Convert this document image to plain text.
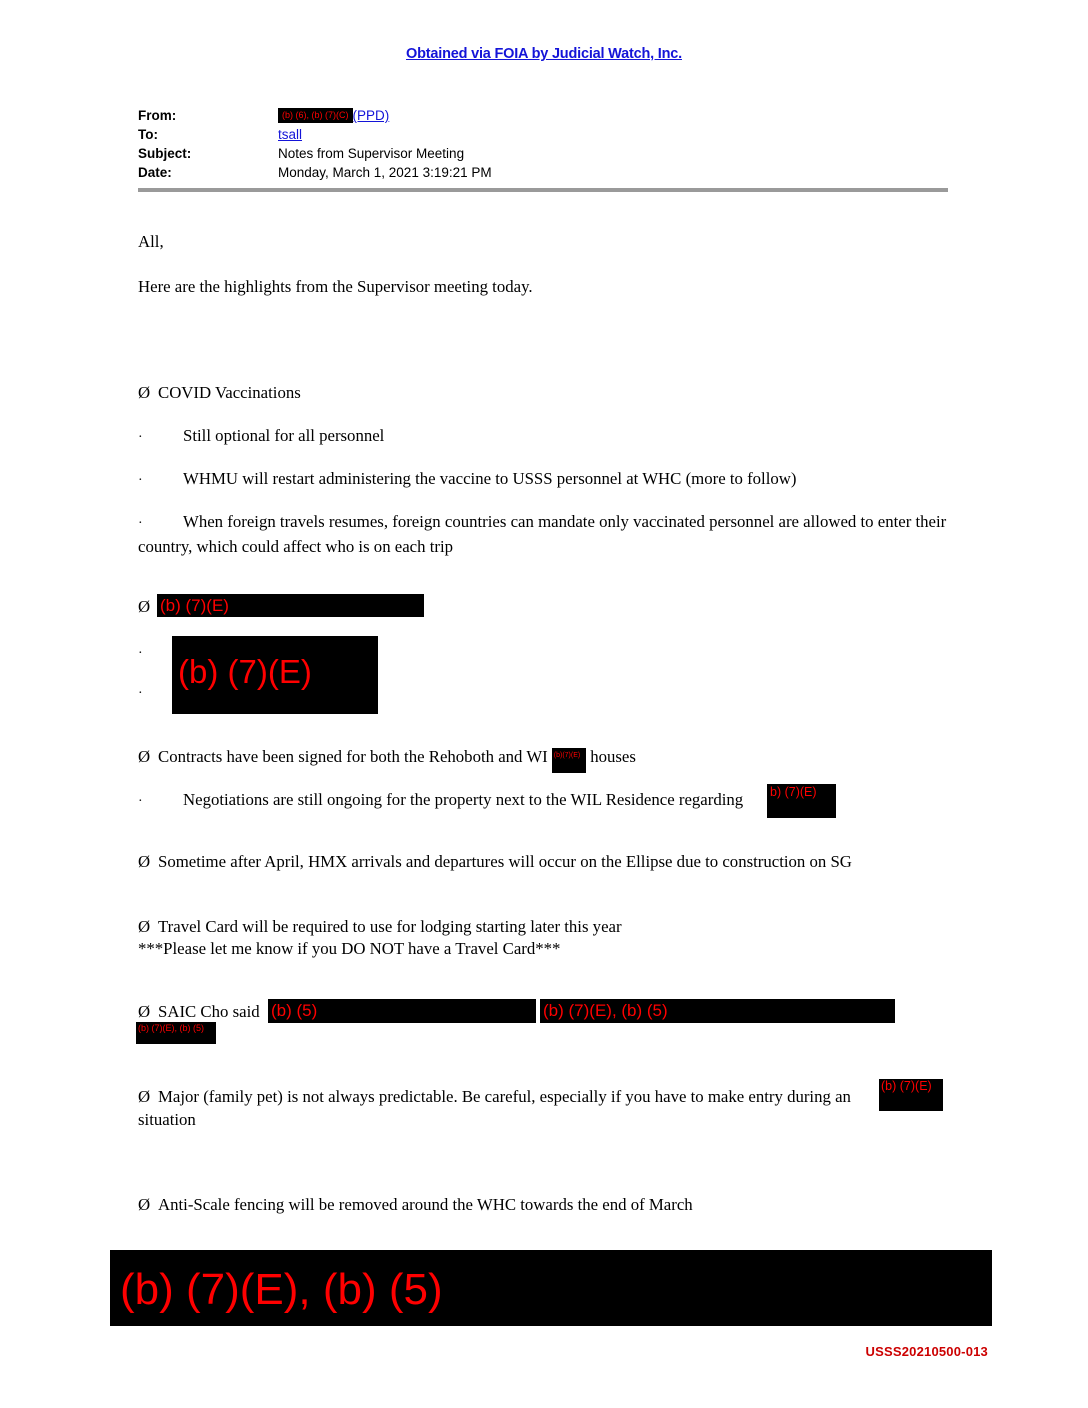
Obtained via FOIA by Judicial Watch, Inc.
From:	(b) (6), (b) (7)(C) (PPD)
To:	tsall
Subject:	Notes from Supervisor Meeting
Date:	Monday, March 1, 2021 3:19:21 PM
All,
Here are the highlights from the Supervisor meeting today.
Ø COVID Vaccinations
· Still optional for all personnel
· WHMU will restart administering the vaccine to USSS personnel at WHC (more to follow)
· When foreign travels resumes, foreign countries can mandate only vaccinated personnel are allowed to enter their country, which could affect who is on each trip
Ø (b) (7)(E)
·	(b) (7)(E)
·
Ø Contracts have been signed for both the Rehoboth and WI (b)(7)(E) houses
· Negotiations are still ongoing for the property next to the WIL Residence regarding	b) (7)(E)
Ø Sometime after April, HMX arrivals and departures will occur on the Ellipse due to construction on SG
Ø Travel Card will be required to use for lodging starting later this year
***Please let me know if you DO NOT have a Travel Card***
Ø SAIC Cho said (b) (5)	(b) (7)(E), (b) (5)
(b) (7)(E), (b) (5)
Ø Major (family pet) is not always predictable. Be careful, especially if you have to make entry during an
(b) (7)(E)
situation
Ø Anti-Scale fencing will be removed around the WHC towards the end of March
(b) (7)(E), (b) (5)
USSS20210500-013
